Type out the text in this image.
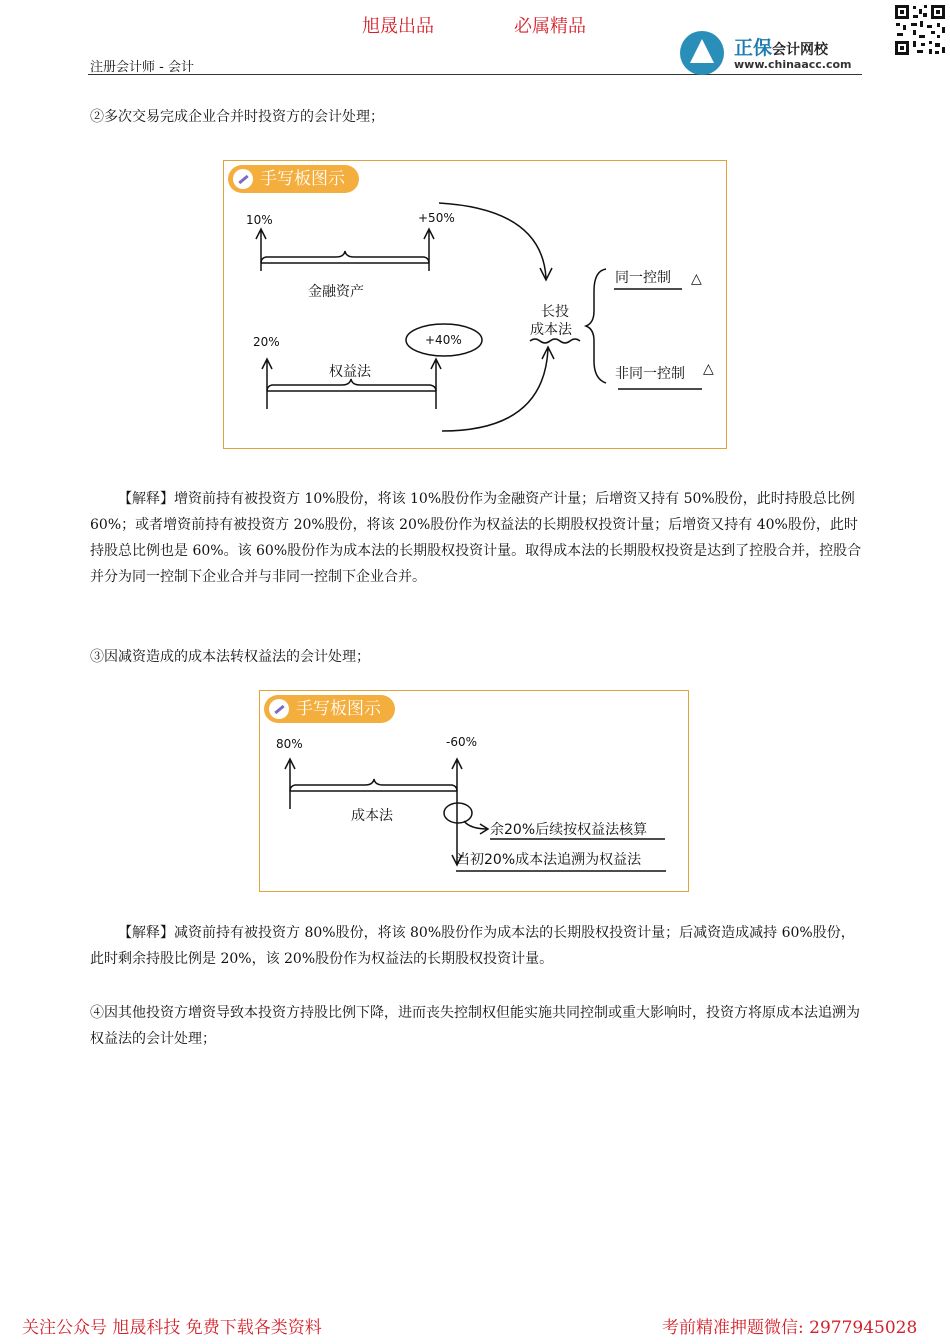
旭晟出品	必属精品
注册会计师 - 会计
正保会计网校
www.chinaacc.com
②多次交易完成企业合并时投资方的会计处理；
手写板图示
10%	+50%
金融资产
20%	+40%
权益法
长投
成本法
同一控制 △
非同一控制 △
【解释】增资前持有被投资方 10%股份，将该 10%股份作为金融资产计量；后增资又持有 50%股份，此时持股总比例 60%；或者增资前持有被投资方 20%股份，将该 20%股份作为权益法的长期股权投资计量；后增资又持有 40%股份，此时持股总比例也是 60%。该 60%股份作为成本法的长期股权投资计量。取得成本法的长期股权投资是达到了控股合并，控股合并分为同一控制下企业合并与非同一控制下企业合并。
③因减资造成的成本法转权益法的会计处理；
手写板图示
80%	-60%
成本法
余20%后续按权益法核算
当初20%成本法追溯为权益法
【解释】减资前持有被投资方 80%股份，将该 80%股份作为成本法的长期股权投资计量；后减资造成减持 60%股份，此时剩余持股比例是 20%，该 20%股份作为权益法的长期股权投资计量。
④因其他投资方增资导致本投资方持股比例下降，进而丧失控制权但能实施共同控制或重大影响时，投资方将原成本法追溯为权益法的会计处理；
关注公众号 旭晟科技 免费下载各类资料	考前精准押题微信: 2977945028
